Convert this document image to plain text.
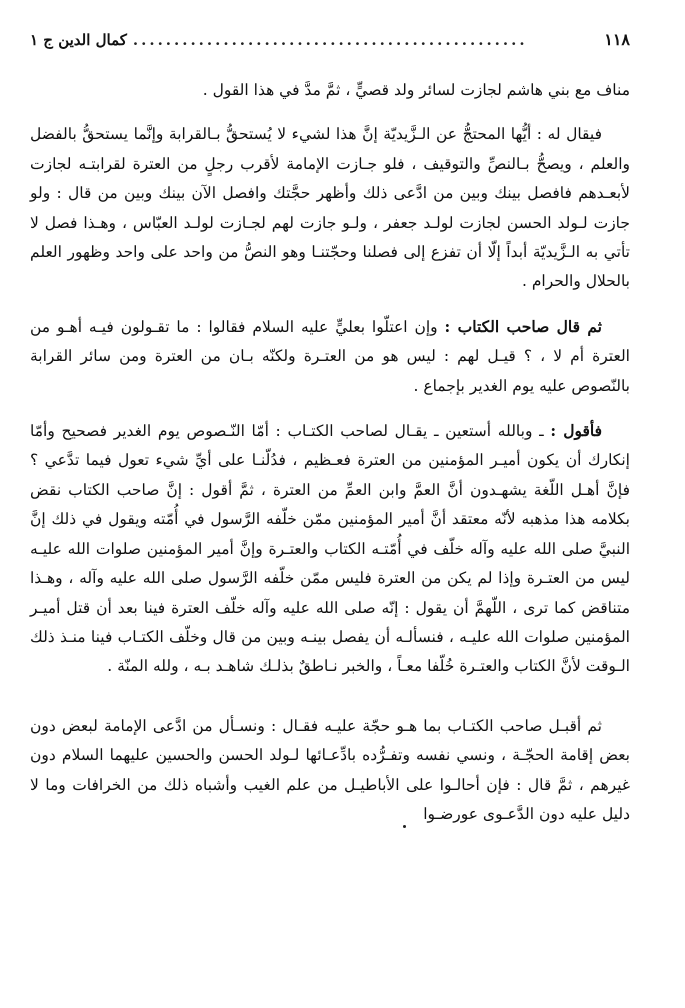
١١٨
................................................
كمال الدين ج ١

مناف مع بني هاشم لجازت لسائر ولد قصيٍّ ، ثمَّ مدَّ في هذا القول .

فيقال له : أيُّها المحتجُّ عن الـزَّيديّة إنَّ هذا لشيء لا يُستحقُّ بـالقرابة وإنَّما يستحقُّ بالفضل والعلم ، ويصحُّ بـالنصِّ والتوقيف ، فلو جـازت الإمامة لأقرب رجلٍ من العترة لقرابتـه لجازت لأبعـدهم فافصل بينك وبين من ادَّعى ذلك وأظهر حجَّتك وافصل الآن بينك وبين من قال : ولو جازت لـولد الحسن لجازت لولـد جعفر ، ولـو جازت لهم لجـازت لولـد العبّاس ، وهـذا فصل لا تأتي به الـزَّيديّة أبداً إلّا أن تفزع إلى فصلنا وحجّتنـا وهو النصُّ من واحد على واحد وظهور العلم بالحلال والحرام .

ثم قال صاحب الكتاب : وإن اعتلّوا بعليٍّ عليه السلام فقالوا : ما تقـولون فيـه أهـو من العترة أم لا ، ؟ قيـل لهم : ليس هو من العتـرة ولكنّه بـان من العترة ومن سائر القرابة بالنّصوص عليه يوم الغدير بإجماع .

فأقول : ـ وبالله أستعين ـ يقـال لصاحب الكتـاب : أمّا النّـصوص يوم الغدير فصحيح وأمّا إنكارك أن يكون أميـر المؤمنين من العترة فعـظيم ، فدُلّنـا على أيِّ شيء تعول فيما تدَّعي ؟ فإنَّ أهـل اللّغة يشهـدون أنَّ العمَّ وابن العمِّ من العترة ، ثمَّ أقول : إنَّ صاحب الكتاب نقض بكلامه هذا مذهبه لأنّه معتقد أنَّ أمير المؤمنين ممّن خلّفه الرَّسول في أُمّته ويقول في ذلك إنَّ النبيَّ صلى الله عليه وآله خلّف في أُمّتـه الكتاب والعتـرة وإنَّ أمير المؤمنين صلوات الله عليـه ليس من العتـرة وإذا لم يكن من العترة فليس ممّن خلّفه الرَّسول صلى الله عليه وآله ، وهـذا متناقض كما ترى ، اللّهمَّ أن يقول : إنّه صلى الله عليه وآله خلّف العترة فينا بعد أن قتل أميـر المؤمنين صلوات الله عليـه ، فنسألـه أن يفصل بينـه وبين من قال وخلّف الكتـاب فينا منـذ ذلك الـوقت لأنَّ الكتاب والعتـرة خُلّفا معـاً ، والخبر نـاطقٌ بذلـك شاهـد بـه ، ولله المنّة .

ثم أقبـل صاحب الكتـاب بما هـو حجّة عليـه فقـال : ونسـأل من ادَّعى الإمامة لبعض دون بعض إقامة الحجّـة ، ونسي نفسه وتفـرُّده بادِّعـائها لـولد الحسن والحسين عليهما السلام دون غيرهم ، ثمَّ قال : فإن أحالـوا على الأباطيـل من علم الغيب وأشباه ذلك من الخرافات وما لا دليل عليه دون الدَّعـوى عورضـوا
